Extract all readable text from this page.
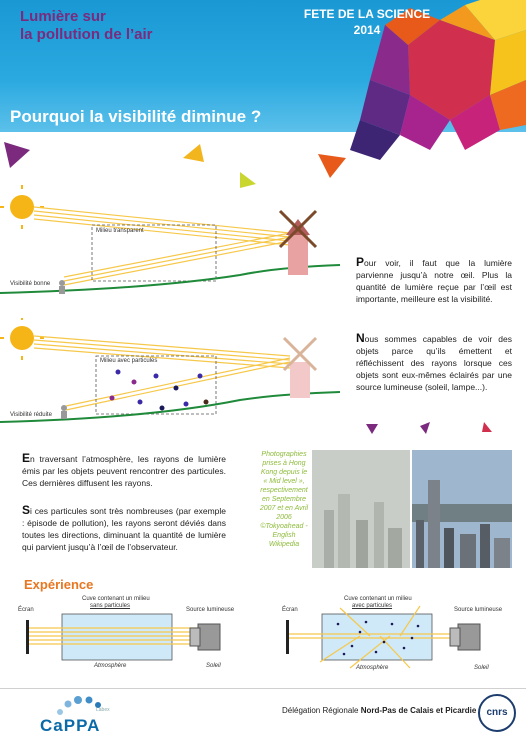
Lumière sur
la pollution de l’air
FETE DE LA SCIENCE
2014
Pourquoi la visibilité diminue ?
Milieu transparent
Visibilité bonne
Milieu avec particules
Visibilité réduite
Pour voir, il faut que la lumière parvienne jusqu’à notre œil. Plus la quantité de lumière reçue par l’œil est importante, meilleure est la visibilité.
Nous sommes capables de voir des objets parce qu’ils émettent et réfléchissent des rayons lorsque ces objets sont eux-mêmes éclairés par une source lumineuse (soleil, lampe...).
En traversant l’atmosphère, les rayons de lumière émis par les objets peuvent rencontrer des particules. Ces dernières diffusent les rayons.
Si ces particules sont très nombreuses (par exemple : épisode de pollution), les rayons seront déviés dans toutes les directions, diminuant la quantité de lumière qui parvient jusqu’à l’œil de l’observateur.
Photographies prises à Hong Kong depuis le « Mid level », respectivement en Septembre 2007 et en Avril 2006 ©Tokyoahead - English Wikipedia
Expérience
Écran
Cuve contenant un milieu
sans particules
Source lumineuse
Atmosphère	Soleil
Écran
Cuve contenant un milieu
avec particules
Source lumineuse
Atmosphère	Soleil
CaPPA
Labex	Délégation Régionale Nord-Pas de Calais et Picardie	cnrs
